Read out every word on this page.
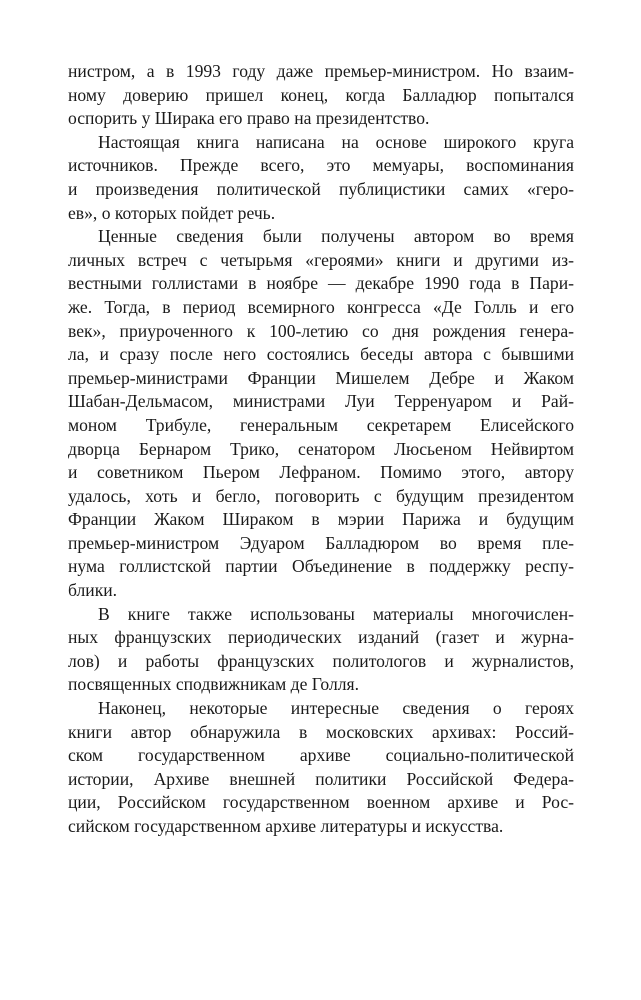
нистром, а в 1993 году даже премьер-министром. Но взаим-
ному доверию пришел конец, когда Балладюр попытался
оспорить у Ширака его право на президентство.

Настоящая книга написана на основе широкого круга
источников. Прежде всего, это мемуары, воспоминания
и произведения политической публицистики самих «геро-
ев», о которых пойдет речь.

Ценные сведения были получены автором во время
личных встреч с четырьмя «героями» книги и другими из-
вестными голлистами в ноябре — декабре 1990 года в Пари-
же. Тогда, в период всемирного конгресса «Де Голль и его
век», приуроченного к 100-летию со дня рождения генера-
ла, и сразу после него состоялись беседы автора с бывшими
премьер-министрами Франции Мишелем Дебре и Жаком
Шабан-Дельмасом, министрами Луи Терренуаром и Рай-
моном Трибуле, генеральным секретарем Елисейского
дворца Бернаром Трико, сенатором Люсьеном Нейвиртом
и советником Пьером Лефраном. Помимо этого, автору
удалось, хоть и бегло, поговорить с будущим президентом
Франции Жаком Шираком в мэрии Парижа и будущим
премьер-министром Эдуаром Балладюром во время пле-
нума голлистской партии Объединение в поддержку респу-
блики.

В книге также использованы материалы многочислен-
ных французских периодических изданий (газет и журна-
лов) и работы французских политологов и журналистов,
посвященных сподвижникам де Голля.

Наконец, некоторые интересные сведения о героях
книги автор обнаружила в московских архивах: Россий-
ском государственном архиве социально-политической
истории, Архиве внешней политики Российской Федера-
ции, Российском государственном военном архиве и Рос-
сийском государственном архиве литературы и искусства.
